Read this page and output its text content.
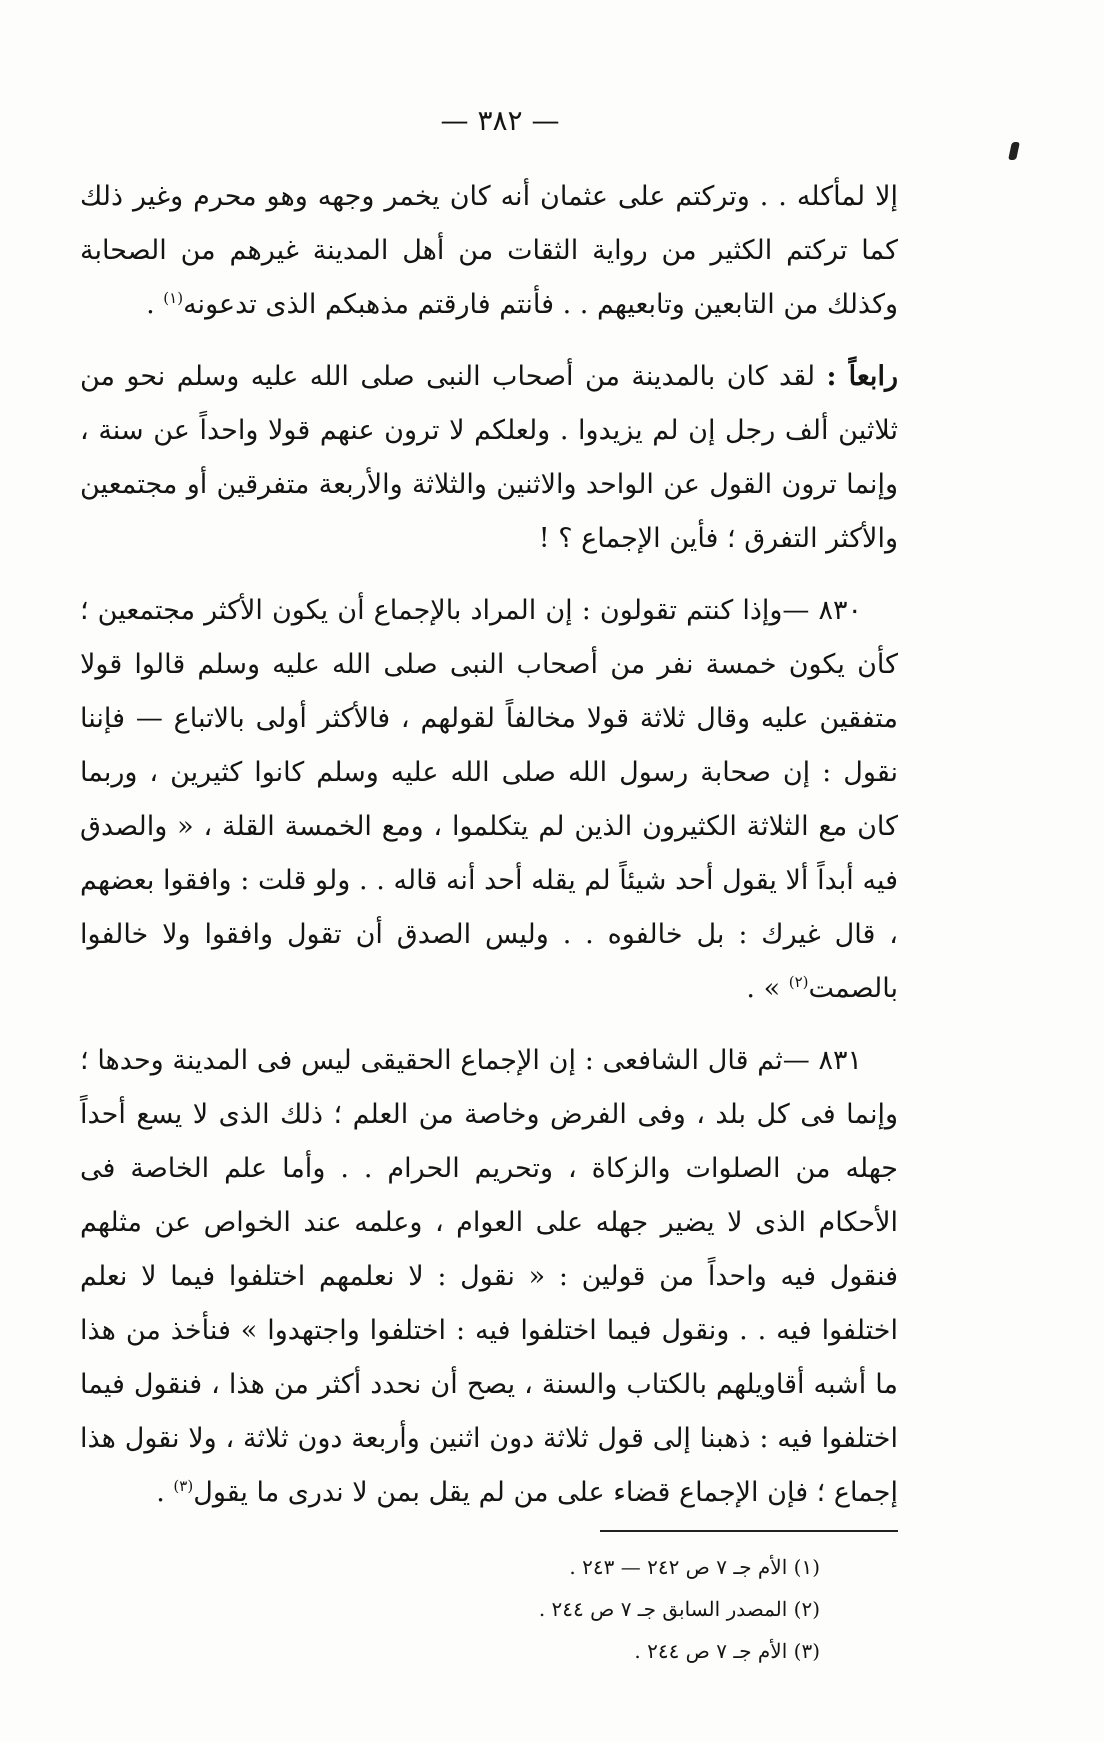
— ٣٨٢ —

إلا لمأكله . . وتركتم على عثمان أنه كان يخمر وجهه وهو محرم وغير ذلك كما تركتم الكثير من رواية الثقات من أهل المدينة غيرهم من الصحابة وكذلك من التابعين وتابعيهم . . فأنتم فارقتم مذهبكم الذى تدعونه$^{(١)}$ .

رابعاً : لقد كان بالمدينة من أصحاب النبى صلى الله عليه وسلم نحو من ثلاثين ألف رجل إن لم يزيدوا . ولعلكم لا ترون عنهم قولا واحداً عن سنة ، وإنما ترون القول عن الواحد والاثنين والثلاثة والأربعة متفرقين أو مجتمعين والأكثر التفرق ؛ فأين الإجماع ؟ !

٨٣٠ —وإذا كنتم تقولون : إن المراد بالإجماع أن يكون الأكثر مجتمعين ؛ كأن يكون خمسة نفر من أصحاب النبى صلى الله عليه وسلم قالوا قولا متفقين عليه وقال ثلاثة قولا مخالفاً لقولهم ، فالأكثر أولى بالاتباع — فإننا نقول : إن صحابة رسول الله صلى الله عليه وسلم كانوا كثيرين ، وربما كان مع الثلاثة الكثيرون الذين لم يتكلموا ، ومع الخمسة القلة ، « والصدق فيه أبداً ألا يقول أحد شيئاً لم يقله أحد أنه قاله . . ولو قلت : وافقوا بعضهم ، قال غيرك : بل خالفوه . . وليس الصدق أن تقول وافقوا ولا خالفوا بالصمت$^{(٢)}$ » .

٨٣١ —ثم قال الشافعى : إن الإجماع الحقيقى ليس فى المدينة وحدها ؛ وإنما فى كل بلد ، وفى الفرض وخاصة من العلم ؛ ذلك الذى لا يسع أحداً جهله من الصلوات والزكاة ، وتحريم الحرام . . وأما علم الخاصة فى الأحكام الذى لا يضير جهله على العوام ، وعلمه عند الخواص عن مثلهم فنقول فيه واحداً من قولين : « نقول : لا نعلمهم اختلفوا فيما لا نعلم اختلفوا فيه . . ونقول فيما اختلفوا فيه : اختلفوا واجتهدوا » فنأخذ من هذا ما أشبه أقاويلهم بالكتاب والسنة ، يصح أن نحدد أكثر من هذا ، فنقول فيما اختلفوا فيه : ذهبنا إلى قول ثلاثة دون اثنين وأربعة دون ثلاثة ، ولا نقول هذا إجماع ؛ فإن الإجماع قضاء على من لم يقل بمن لا ندرى ما يقول$^{(٣)}$ .

(١) الأم جـ ٧ ص ٢٤٢ — ٢٤٣ .

(٢) المصدر السابق جـ ٧ ص ٢٤٤ .

(٣) الأم جـ ٧ ص ٢٤٤ .
